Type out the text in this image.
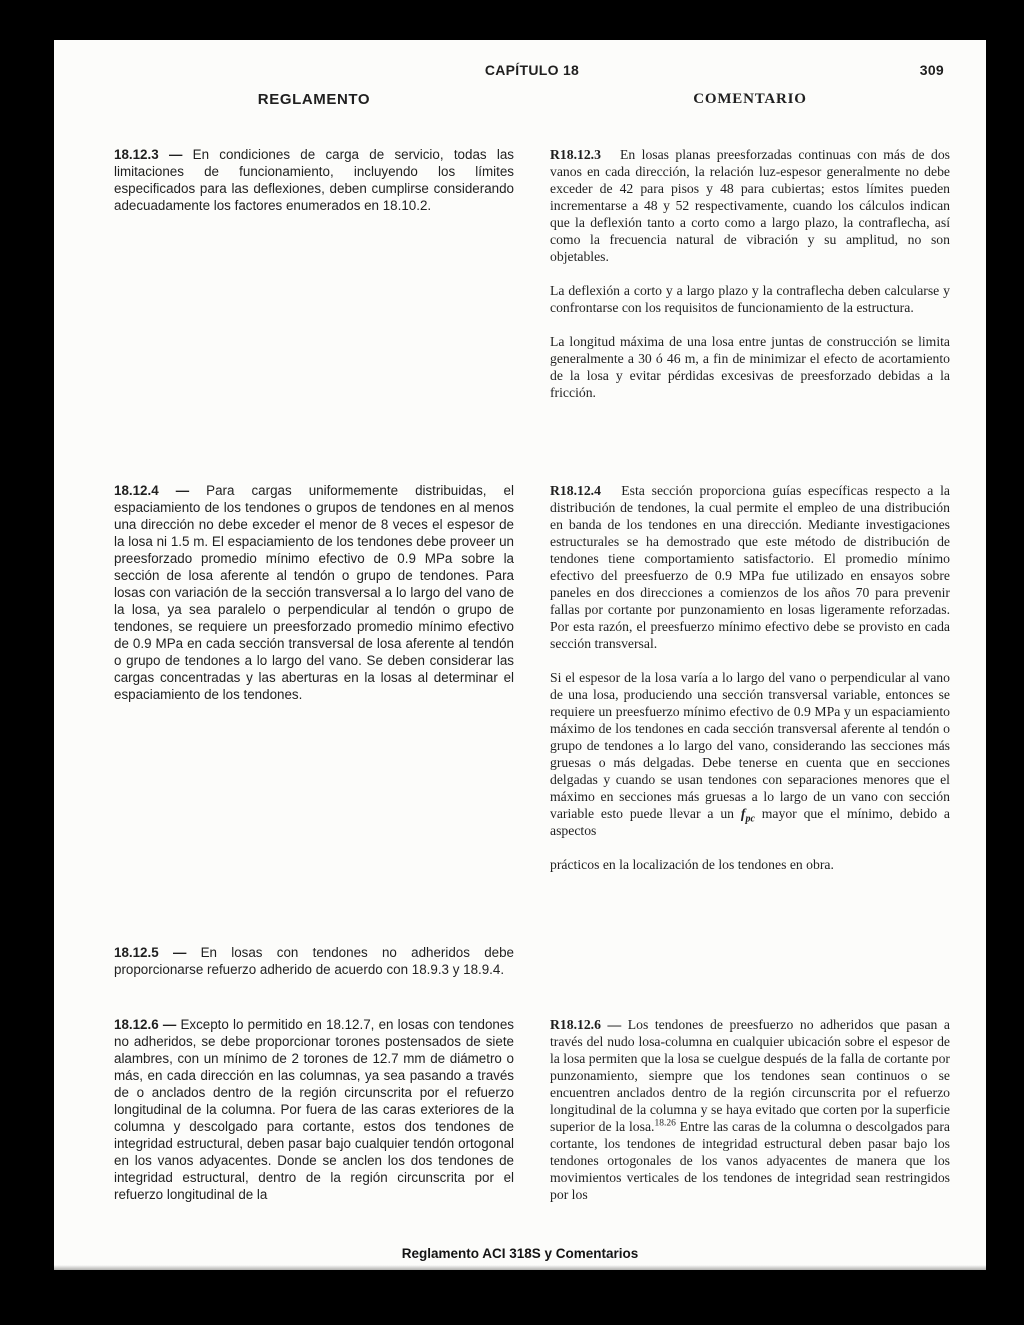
CAPÍTULO 18	309
REGLAMENTO	COMENTARIO

18.12.3 — En condiciones de carga de servicio, todas las limitaciones de funcionamiento, incluyendo los límites especificados para las deflexiones, deben cumplirse considerando adecuadamente los factores enumerados en 18.10.2.

R18.12.3   En losas planas preesforzadas continuas con más de dos vanos en cada dirección, la relación luz-espesor generalmente no debe exceder de 42 para pisos y 48 para cubiertas; estos límites pueden incrementarse a 48 y 52 respectivamente, cuando los cálculos indican que la deflexión tanto a corto como a largo plazo, la contraflecha, así como la frecuencia natural de vibración y su amplitud, no son objetables.

La deflexión a corto y a largo plazo y la contraflecha deben calcularse y confrontarse con los requisitos de funcionamiento de la estructura.

La longitud máxima de una losa entre juntas de construcción se limita generalmente a 30 ó 46 m, a fin de minimizar el efecto de acortamiento de la losa y evitar pérdidas excesivas de preesforzado debidas a la fricción.

18.12.4 — Para cargas uniformemente distribuidas, el espaciamiento de los tendones o grupos de tendones en al menos una dirección no debe exceder el menor de 8 veces el espesor de la losa ni 1.5 m. El espaciamiento de los tendones debe proveer un preesforzado promedio mínimo efectivo de 0.9 MPa sobre la sección de losa aferente al tendón o grupo de tendones. Para losas con variación de la sección transversal a lo largo del vano de la losa, ya sea paralelo o perpendicular al tendón o grupo de tendones, se requiere un preesforzado promedio mínimo efectivo de 0.9 MPa en cada sección transversal de losa aferente al tendón o grupo de tendones a lo largo del vano. Se deben considerar las cargas concentradas y las aberturas en la losas al determinar el espaciamiento de los tendones.

R18.12.4   Esta sección proporciona guías específicas respecto a la distribución de tendones, la cual permite el empleo de una distribución en banda de los tendones en una dirección. Mediante investigaciones estructurales se ha demostrado que este método de distribución de tendones tiene comportamiento satisfactorio. El promedio mínimo efectivo del preesfuerzo de 0.9 MPa fue utilizado en ensayos sobre paneles en dos direcciones a comienzos de los años 70 para prevenir fallas por cortante por punzonamiento en losas ligeramente reforzadas. Por esta razón, el preesfuerzo mínimo efectivo debe se provisto en cada sección transversal.

Si el espesor de la losa varía a lo largo del vano o perpendicular al vano de una losa, produciendo una sección transversal variable, entonces se requiere un preesfuerzo mínimo efectivo de 0.9 MPa y un espaciamiento máximo de los tendones en cada sección transversal aferente al tendón o grupo de tendones a lo largo del vano, considerando las secciones más gruesas o más delgadas. Debe tenerse en cuenta que en secciones delgadas y cuando se usan tendones con separaciones menores que el máximo en secciones más gruesas a lo largo de un vano con sección variable esto puede llevar a un $f_{pc}$ mayor que el mínimo, debido a aspectos

prácticos en la localización de los tendones en obra.

18.12.5 — En losas con tendones no adheridos debe proporcionarse refuerzo adherido de acuerdo con 18.9.3 y 18.9.4.

18.12.6 — Excepto lo permitido en 18.12.7, en losas con tendones no adheridos, se debe proporcionar torones postensados de siete alambres, con un mínimo de 2 torones de 12.7 mm de diámetro o más, en cada dirección en las columnas, ya sea pasando a través de o anclados dentro de la región circunscrita por el refuerzo longitudinal de la columna. Por fuera de las caras exteriores de la columna y descolgado para cortante, estos dos tendones de integridad estructural, deben pasar bajo cualquier tendón ortogonal en los vanos adyacentes. Donde se anclen los dos tendones de integridad estructural, dentro de la región circunscrita por el refuerzo longitudinal de la

R18.12.6 — Los tendones de preesfuerzo no adheridos que pasan a través del nudo losa-columna en cualquier ubicación sobre el espesor de la losa permiten que la losa se cuelgue después de la falla de cortante por punzonamiento, siempre que los tendones sean continuos o se encuentren anclados dentro de la región circunscrita por el refuerzo longitudinal de la columna y se haya evitado que corten por la superficie superior de la losa.$^{18.26}$ Entre las caras de la columna o descolgados para cortante, los tendones de integridad estructural deben pasar bajo los tendones ortogonales de los vanos adyacentes de manera que los movimientos verticales de los tendones de integridad sean restringidos por los

Reglamento ACI 318S y Comentarios
